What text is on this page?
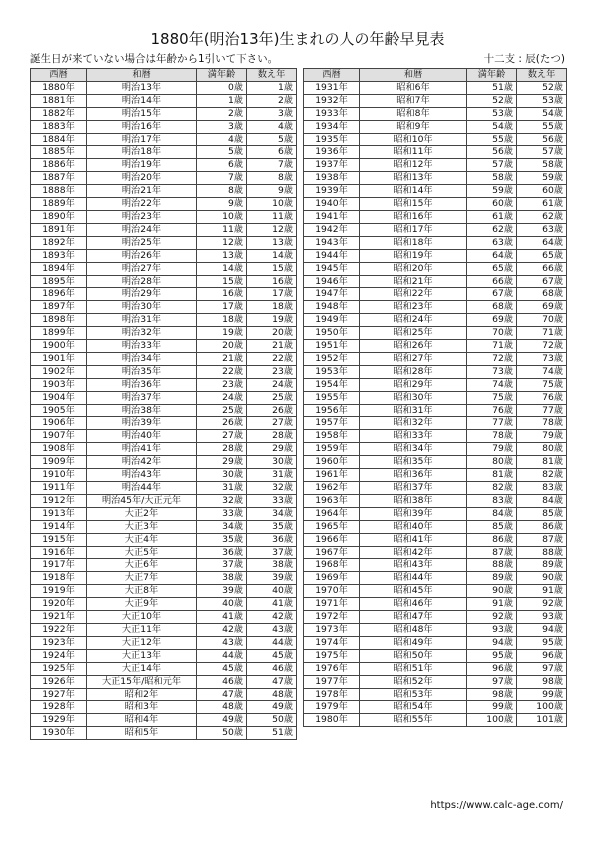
1880年(明治13年)生まれの人の年齢早見表
誕生日が来ていない場合は年齢から1引いて下さい。	十二支 : 辰(たつ)
西暦	和暦	満年齢	数え年
1880年	明治13年	0歳	1歳
1881年	明治14年	1歳	2歳
1882年	明治15年	2歳	3歳
1883年	明治16年	3歳	4歳
1884年	明治17年	4歳	5歳
1885年	明治18年	5歳	6歳
1886年	明治19年	6歳	7歳
1887年	明治20年	7歳	8歳
1888年	明治21年	8歳	9歳
1889年	明治22年	9歳	10歳
1890年	明治23年	10歳	11歳
1891年	明治24年	11歳	12歳
1892年	明治25年	12歳	13歳
1893年	明治26年	13歳	14歳
1894年	明治27年	14歳	15歳
1895年	明治28年	15歳	16歳
1896年	明治29年	16歳	17歳
1897年	明治30年	17歳	18歳
1898年	明治31年	18歳	19歳
1899年	明治32年	19歳	20歳
1900年	明治33年	20歳	21歳
1901年	明治34年	21歳	22歳
1902年	明治35年	22歳	23歳
1903年	明治36年	23歳	24歳
1904年	明治37年	24歳	25歳
1905年	明治38年	25歳	26歳
1906年	明治39年	26歳	27歳
1907年	明治40年	27歳	28歳
1908年	明治41年	28歳	29歳
1909年	明治42年	29歳	30歳
1910年	明治43年	30歳	31歳
1911年	明治44年	31歳	32歳
1912年	明治45年/大正元年	32歳	33歳
1913年	大正2年	33歳	34歳
1914年	大正3年	34歳	35歳
1915年	大正4年	35歳	36歳
1916年	大正5年	36歳	37歳
1917年	大正6年	37歳	38歳
1918年	大正7年	38歳	39歳
1919年	大正8年	39歳	40歳
1920年	大正9年	40歳	41歳
1921年	大正10年	41歳	42歳
1922年	大正11年	42歳	43歳
1923年	大正12年	43歳	44歳
1924年	大正13年	44歳	45歳
1925年	大正14年	45歳	46歳
1926年	大正15年/昭和元年	46歳	47歳
1927年	昭和2年	47歳	48歳
1928年	昭和3年	48歳	49歳
1929年	昭和4年	49歳	50歳
1930年	昭和5年	50歳	51歳
西暦	和暦	満年齢	数え年
1931年	昭和6年	51歳	52歳
1932年	昭和7年	52歳	53歳
1933年	昭和8年	53歳	54歳
1934年	昭和9年	54歳	55歳
1935年	昭和10年	55歳	56歳
1936年	昭和11年	56歳	57歳
1937年	昭和12年	57歳	58歳
1938年	昭和13年	58歳	59歳
1939年	昭和14年	59歳	60歳
1940年	昭和15年	60歳	61歳
1941年	昭和16年	61歳	62歳
1942年	昭和17年	62歳	63歳
1943年	昭和18年	63歳	64歳
1944年	昭和19年	64歳	65歳
1945年	昭和20年	65歳	66歳
1946年	昭和21年	66歳	67歳
1947年	昭和22年	67歳	68歳
1948年	昭和23年	68歳	69歳
1949年	昭和24年	69歳	70歳
1950年	昭和25年	70歳	71歳
1951年	昭和26年	71歳	72歳
1952年	昭和27年	72歳	73歳
1953年	昭和28年	73歳	74歳
1954年	昭和29年	74歳	75歳
1955年	昭和30年	75歳	76歳
1956年	昭和31年	76歳	77歳
1957年	昭和32年	77歳	78歳
1958年	昭和33年	78歳	79歳
1959年	昭和34年	79歳	80歳
1960年	昭和35年	80歳	81歳
1961年	昭和36年	81歳	82歳
1962年	昭和37年	82歳	83歳
1963年	昭和38年	83歳	84歳
1964年	昭和39年	84歳	85歳
1965年	昭和40年	85歳	86歳
1966年	昭和41年	86歳	87歳
1967年	昭和42年	87歳	88歳
1968年	昭和43年	88歳	89歳
1969年	昭和44年	89歳	90歳
1970年	昭和45年	90歳	91歳
1971年	昭和46年	91歳	92歳
1972年	昭和47年	92歳	93歳
1973年	昭和48年	93歳	94歳
1974年	昭和49年	94歳	95歳
1975年	昭和50年	95歳	96歳
1976年	昭和51年	96歳	97歳
1977年	昭和52年	97歳	98歳
1978年	昭和53年	98歳	99歳
1979年	昭和54年	99歳	100歳
1980年	昭和55年	100歳	101歳
https://www.calc-age.com/
